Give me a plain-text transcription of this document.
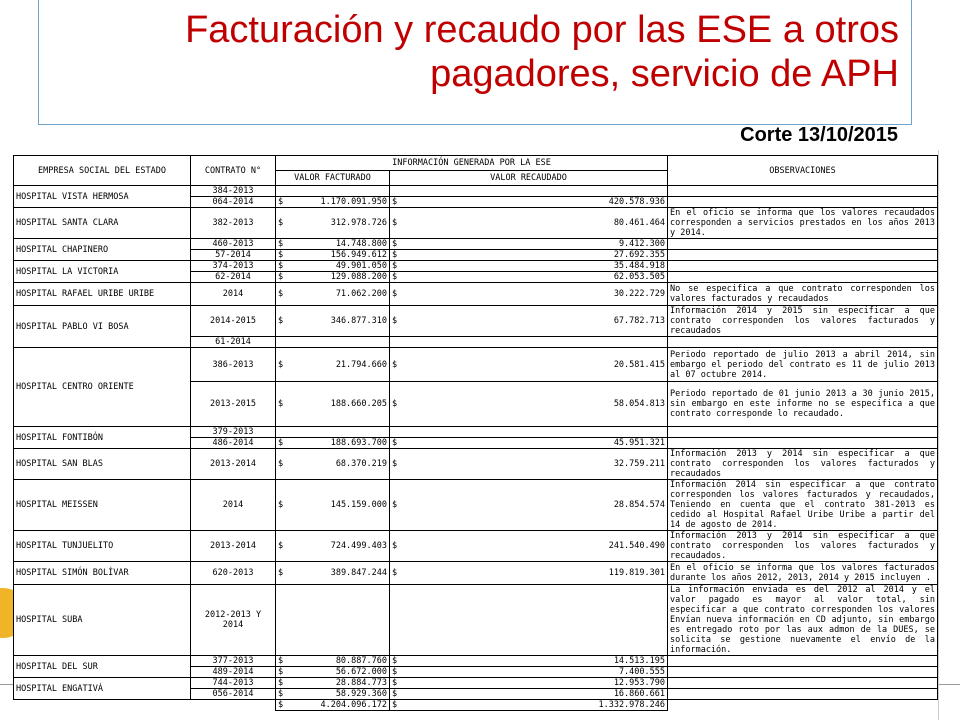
Facturación y recaudo por las ESE a otros pagadores, servicio de APH
Corte 13/10/2015
EMPRESA SOCIAL DEL ESTADO	CONTRATO N°	INFORMACIÓN GENERADA POR LA ESE		OBSERVACIONES
		VALOR FACTURADO	VALOR RECAUDADO	
HOSPITAL VISTA HERMOSA	384-2013			
	064-2014	$ 1.170.091.950	$ 420.578.936	
HOSPITAL SANTA CLARA	382-2013	$ 312.978.726	$ 80.461.464	En el oficio se informa que los valores recaudados corresponden a servicios prestados en los años 2013 y 2014.
HOSPITAL CHAPINERO	460-2013	$ 14.748.800	$ 9.412.300	
	57-2014	$ 156.949.612	$ 27.692.355	
HOSPITAL LA VICTORIA	374-2013	$ 49.901.050	$ 35.484.918	
	62-2014	$ 129.088.200	$ 62.053.505	
HOSPITAL RAFAEL URIBE URIBE	2014	$ 71.062.200	$ 30.222.729	No se especifica a que contrato corresponden los valores facturados y recaudados
HOSPITAL PABLO VI BOSA	2014-2015	$ 346.877.310	$ 67.782.713	Información 2014 y 2015 sin especificar a que contrato corresponden los valores facturados y recaudados
	61-2014			
HOSPITAL CENTRO ORIENTE	386-2013	$ 21.794.660	$ 20.581.415	Periodo reportado de julio 2013 a abril 2014, sin embargo el periodo del contrato es 11 de julio 2013 al 07 octubre 2014.
	2013-2015	$ 188.660.205	$ 58.054.813	Periodo reportado de 01 junio 2013 a 30 junio 2015, sin embargo en este informe no se especifica a que contrato corresponde lo recaudado.
HOSPITAL FONTIBÓN	379-2013			
	486-2014	$ 188.693.700	$ 45.951.321	
HOSPITAL SAN BLAS	2013-2014	$ 68.370.219	$ 32.759.211	Información 2013 y 2014 sin especificar a que contrato corresponden los valores facturados y recaudados
HOSPITAL MEISSEN	2014	$ 145.159.000	$ 28.854.574	Información 2014 sin especificar a que contrato corresponden los valores facturados y recaudados, Teniendo en cuenta que el contrato 381-2013 es cedido al Hospital Rafael Uribe Uribe a partir del 14 de agosto de 2014.
HOSPITAL TUNJUELITO	2013-2014	$ 724.499.403	$ 241.540.490	Información 2013 y 2014 sin especificar a que contrato corresponden los valores facturados y recaudados.
HOSPITAL SIMÓN BOLÍVAR	620-2013	$ 389.847.244	$ 119.819.301	En el oficio se informa que los valores facturados durante los años 2012, 2013, 2014 y 2015 incluyen .
HOSPITAL SUBA	2012-2013 Y 2014			La información enviada es del 2012 al 2014 y el valor pagado es mayor al valor total, sin especificar a que contrato corresponden los valores Envían nueva información en CD adjunto, sin embargo es entregado roto por las aux admon de la DUES, se solicita se gestione nuevamente el envío de la información.
HOSPITAL DEL SUR	377-2013	$ 80.887.760	$ 14.513.195	
	489-2014	$ 56.672.000	$ 7.400.555	
HOSPITAL ENGATIVÁ	744-2013	$ 28.884.773	$ 12.953.790	
	056-2014	$ 58.929.360	$ 16.860.661	

		$ 4.204.096.172	$ 1.332.978.246	
